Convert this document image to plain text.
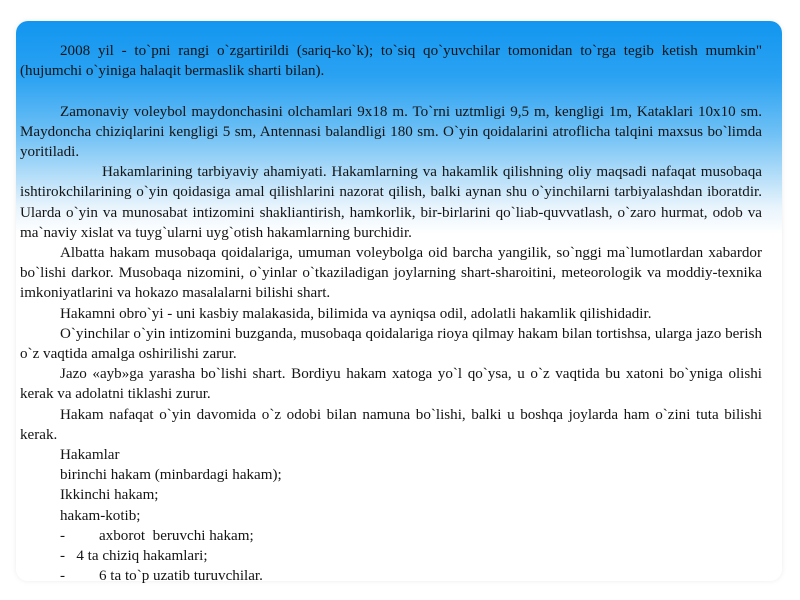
2008 yil - to`pni rangi o`zgartirildi (sariq-ko`k); to`siq qo`yuvchilar tomonidan to`rga tegib ketish mumkin" (hujumchi o`yiniga halaqit bermaslik sharti bilan).

Zamonaviy voleybol maydonchasini olchamlari 9x18 m. To`rni uztmligi 9,5 m, kengligi 1m, Kataklari 10x10 sm. Maydoncha chiziqlarini kengligi 5 sm, Antennasi balandligi 180 sm. O`yin qoidalarini atroflicha talqini maxsus bo`limda yoritiladi.

Hakamlarining tarbiyaviy ahamiyati. Hakamlarning va hakamlik qilishning oliy maqsadi nafaqat musobaqa ishtirokchilarining o`yin qoidasiga amal qilishlarini nazorat qilish, balki aynan shu o`yinchilarni tarbiyalashdan iboratdir. Ularda o`yin va munosabat intizomini shakliantirish, hamkorlik, bir-birlarini qo`liab-quvvatlash, o`zaro hurmat, odob va ma`naviy xislat va tuyg`ularni uyg`otish hakamlarning burchidir.

Albatta hakam musobaqa qoidalariga, umuman voleybolga oid barcha yangilik, so`nggi ma`lumotlardan xabardor bo`lishi darkor. Musobaqa nizomini, o`yinlar o`tkaziladigan joylarning shart-sharoitini, meteorologik va moddiy-texnika imkoniyatlarini va hokazo masalalarni bilishi shart.

Hakamni obro`yi - uni kasbiy malakasida, bilimida va ayniqsa odil, adolatli hakamlik qilishidadir.

O`yinchilar o`yin intizomini buzganda, musobaqa qoidalariga rioya qilmay hakam bilan tortishsa, ularga jazo berish o`z vaqtida amalga oshirilishi zarur.

Jazo «ayb»ga yarasha bo`lishi shart. Bordiyu hakam xatoga yo`l qo`ysa, u o`z vaqtida bu xatoni bo`yniga olishi kerak va adolatni tiklashi zurur.

Hakam nafaqat o`yin davomida o`z odobi bilan namuna bo`lishi, balki u boshqa joylarda ham o`zini tuta bilishi kerak.

Hakamlar

birinchi hakam (minbardagi hakam);

Ikkinchi hakam;

hakam-kotib;

-         axborot  beruvchi hakam;

-   4 ta chiziq hakamlari;

-         6 ta to`p uzatib turuvchilar.
